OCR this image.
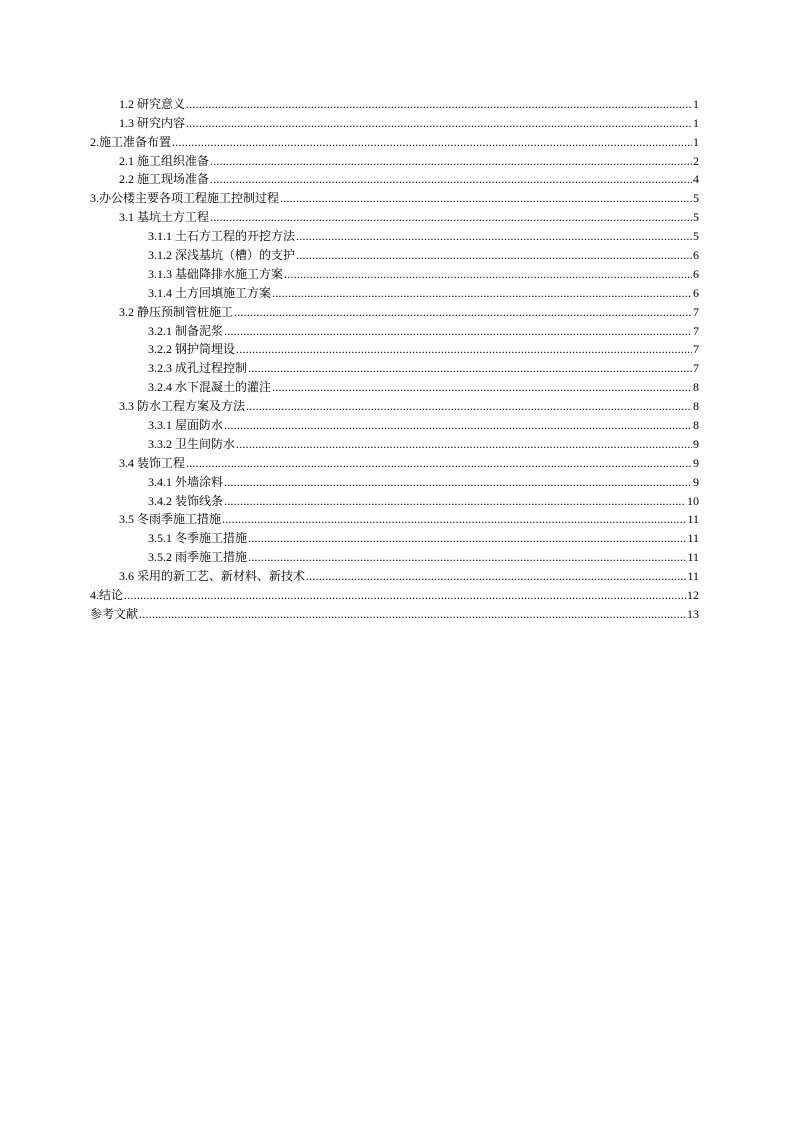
1.2 研究意义 .....	1
1.3 研究内容 .....	1
2.施工准备布置 .....	1
2.1 施工组织准备 .....	2
2.2 施工现场准备 .....	4
3.办公楼主要各项工程施工控制过程 .....	5
3.1 基坑土方工程 .....	5
3.1.1 土石方工程的开挖方法 .....	5
3.1.2 深浅基坑（槽）的支护 .....	6
3.1.3 基础降排水施工方案 .....	6
3.1.4 土方回填施工方案 .....	6
3.2 静压预制管桩施工 .....	7
3.2.1 制备泥浆 .....	7
3.2.2 钢护筒埋设 .....	7
3.2.3 成孔过程控制 .....	7
3.2.4 水下混凝土的灌注 .....	8
3.3 防水工程方案及方法 .....	8
3.3.1 屋面防水 .....	8
3.3.2 卫生间防水 .....	9
3.4 装饰工程 .....	9
3.4.1 外墙涂料 .....	9
3.4.2 装饰线条 .....	10
3.5 冬雨季施工措施 .....	11
3.5.1 冬季施工措施 .....	11
3.5.2 雨季施工措施 .....	11
3.6 采用的新工艺、新材料、新技术 .....	11
4.结论 .....	12
参考文献 .....	13
